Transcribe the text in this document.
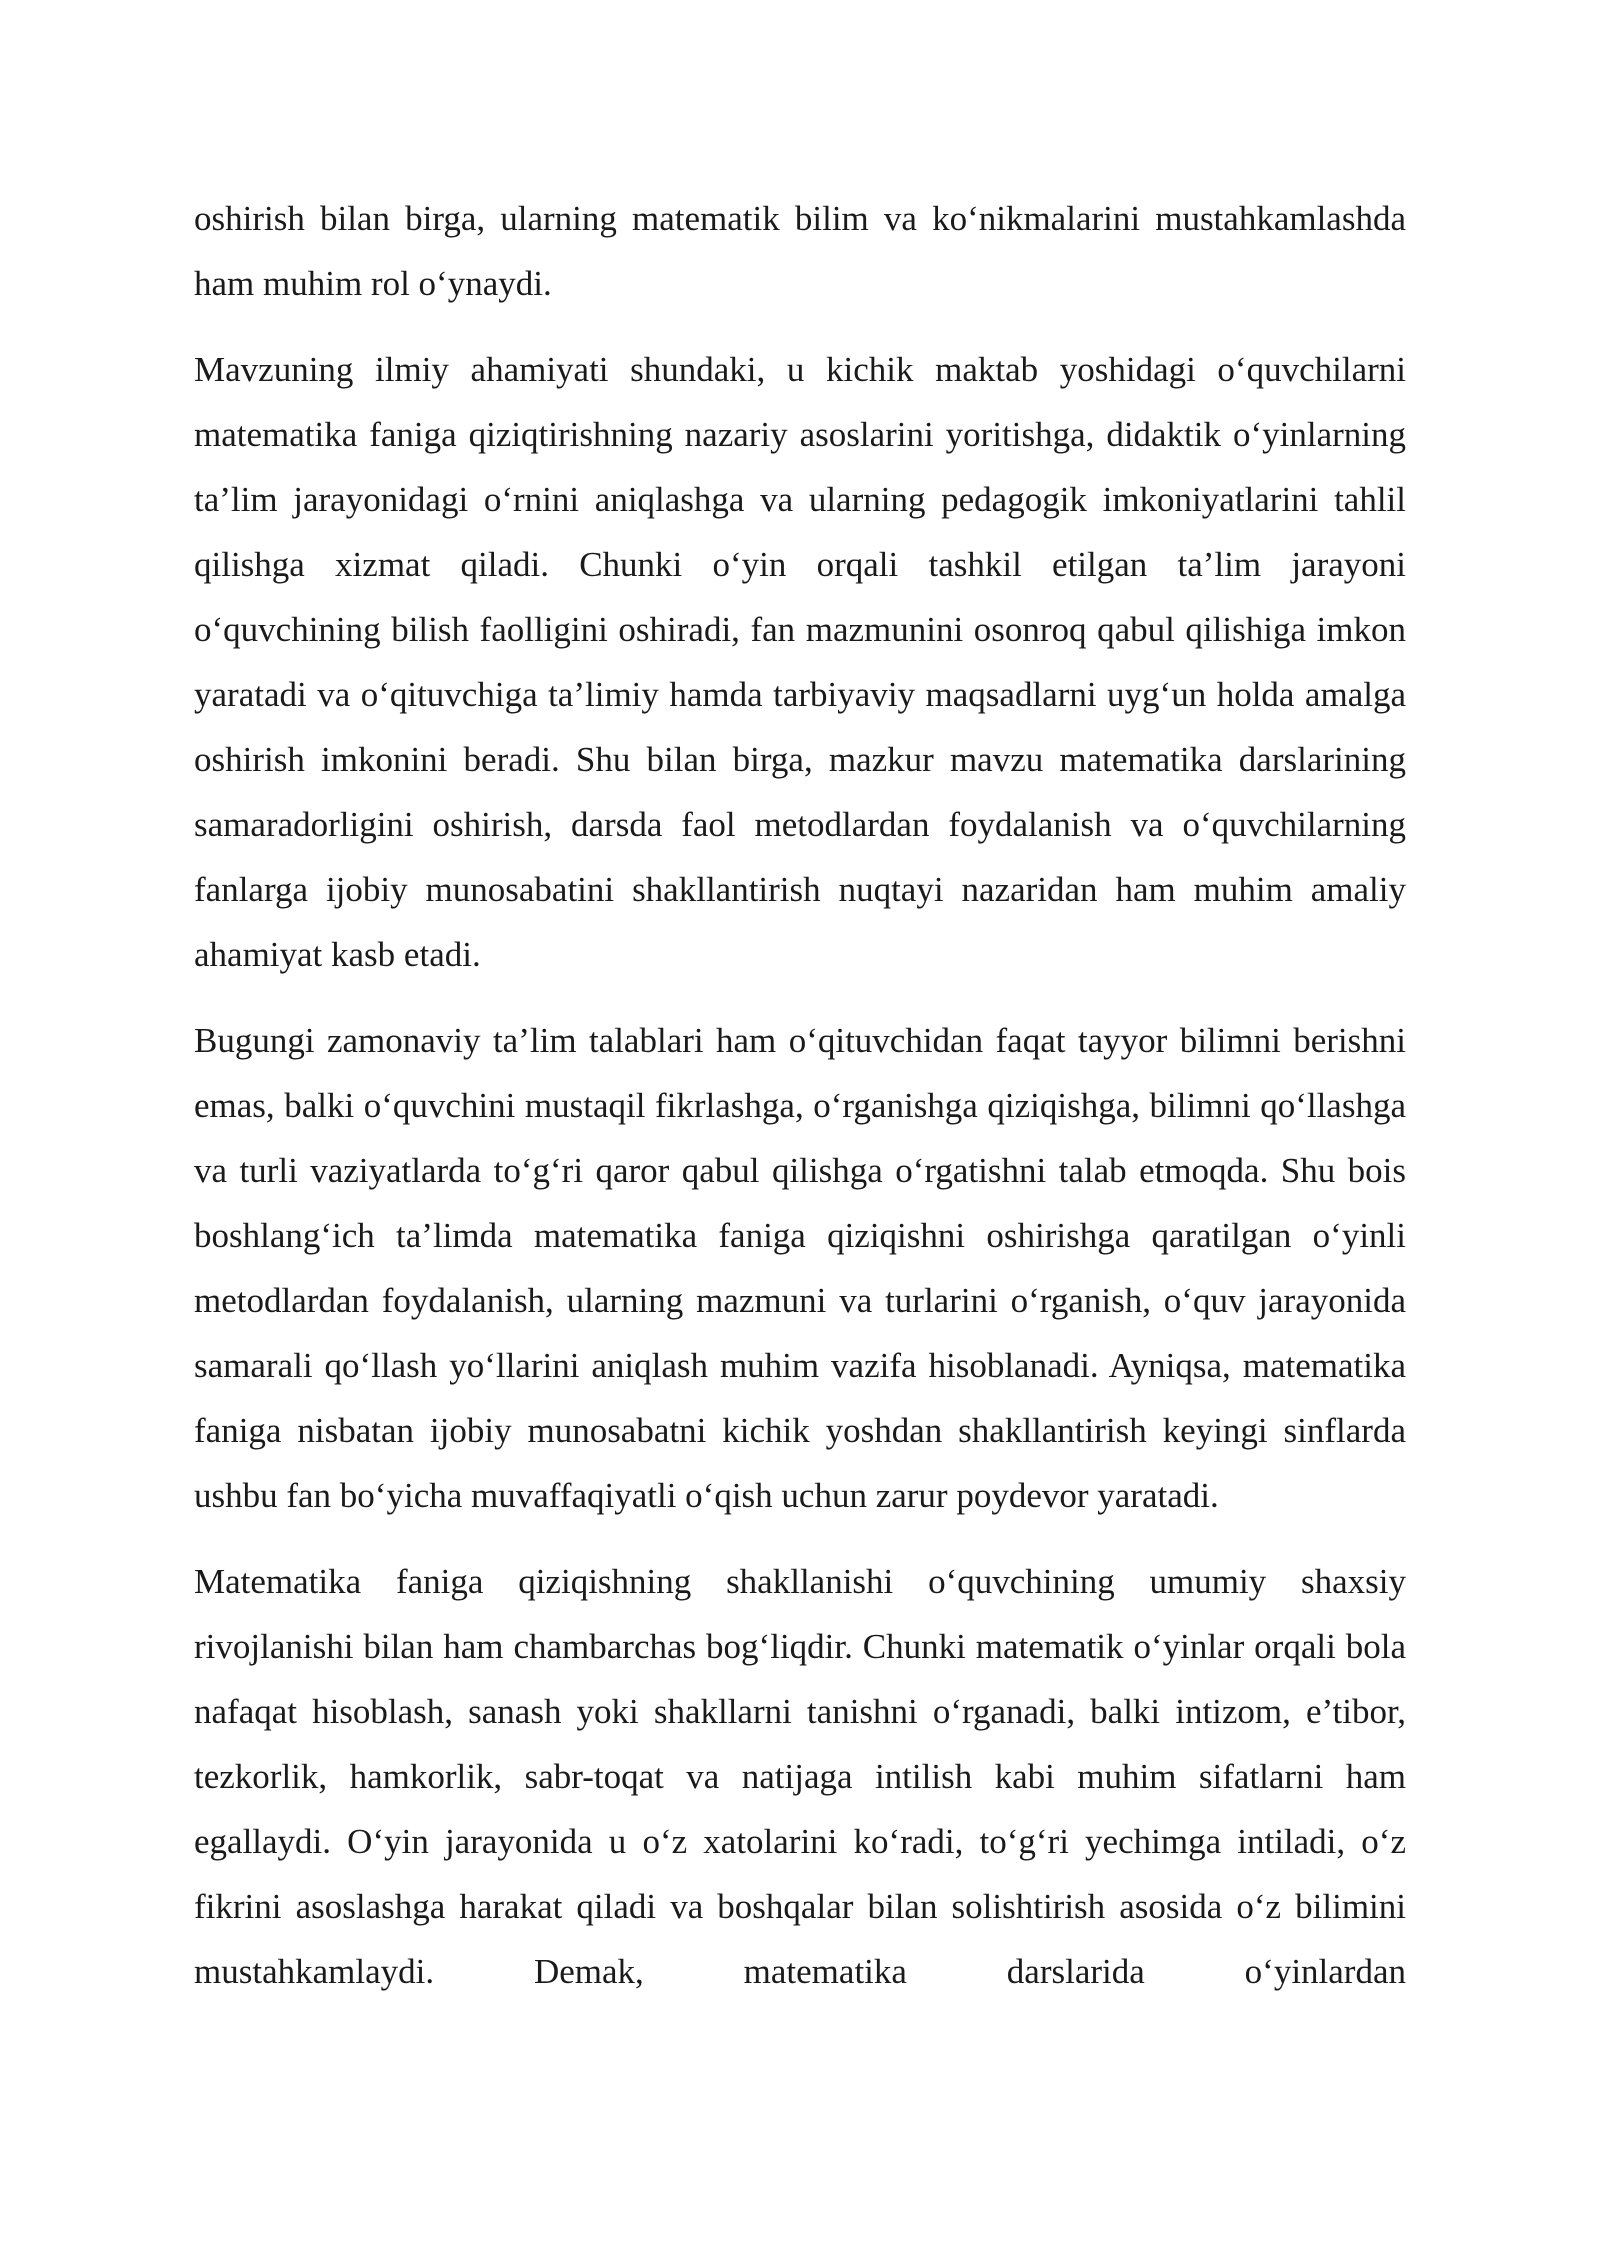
oshirish bilan birga, ularning matematik bilim va ko‘nikmalarini mustahkamlashda ham muhim rol o‘ynaydi.

Mavzuning ilmiy ahamiyati shundaki, u kichik maktab yoshidagi o‘quvchilarni matematika faniga qiziqtirishning nazariy asoslarini yoritishga, didaktik o‘yinlarning ta’lim jarayonidagi o‘rnini aniqlashga va ularning pedagogik imkoniyatlarini tahlil qilishga xizmat qiladi. Chunki o‘yin orqali tashkil etilgan ta’lim jarayoni o‘quvchining bilish faolligini oshiradi, fan mazmunini osonroq qabul qilishiga imkon yaratadi va o‘qituvchiga ta’limiy hamda tarbiyaviy maqsadlarni uyg‘un holda amalga oshirish imkonini beradi. Shu bilan birga, mazkur mavzu matematika darslarining samaradorligini oshirish, darsda faol metodlardan foydalanish va o‘quvchilarning fanlarga ijobiy munosabatini shakllantirish nuqtayi nazaridan ham muhim amaliy ahamiyat kasb etadi.

Bugungi zamonaviy ta’lim talablari ham o‘qituvchidan faqat tayyor bilimni berishni emas, balki o‘quvchini mustaqil fikrlashga, o‘rganishga qiziqishga, bilimni qo‘llashga va turli vaziyatlarda to‘g‘ri qaror qabul qilishga o‘rgatishni talab etmoqda. Shu bois boshlang‘ich ta’limda matematika faniga qiziqishni oshirishga qaratilgan o‘yinli metodlardan foydalanish, ularning mazmuni va turlarini o‘rganish, o‘quv jarayonida samarali qo‘llash yo‘llarini aniqlash muhim vazifa hisoblanadi. Ayniqsa, matematika faniga nisbatan ijobiy munosabatni kichik yoshdan shakllantirish keyingi sinflarda ushbu fan bo‘yicha muvaffaqiyatli o‘qish uchun zarur poydevor yaratadi.

Matematika faniga qiziqishning shakllanishi o‘quvchining umumiy shaxsiy rivojlanishi bilan ham chambarchas bog‘liqdir. Chunki matematik o‘yinlar orqali bola nafaqat hisoblash, sanash yoki shakllarni tanishni o‘rganadi, balki intizom, e’tibor, tezkorlik, hamkorlik, sabr-toqat va natijaga intilish kabi muhim sifatlarni ham egallaydi. O‘yin jarayonida u o‘z xatolarini ko‘radi, to‘g‘ri yechimga intiladi, o‘z fikrini asoslashga harakat qiladi va boshqalar bilan solishtirish asosida o‘z bilimini mustahkamlaydi. Demak, matematika darslarida o‘yinlardan
